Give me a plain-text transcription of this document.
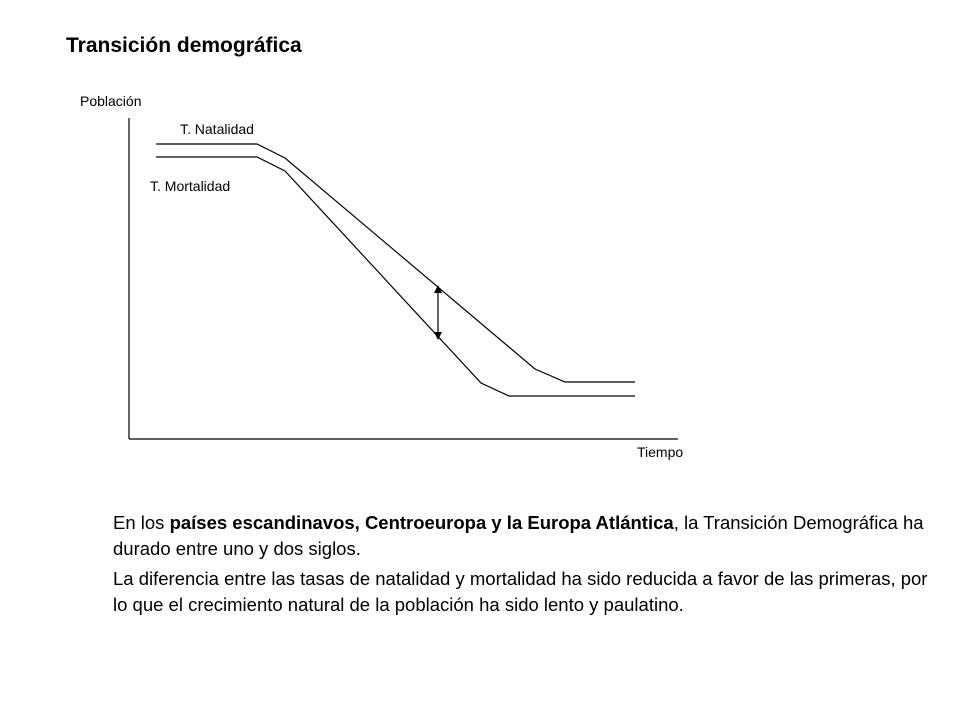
Transición demográfica
Población
Tiempo
T. Natalidad
T. Mortalidad

En los países escandinavos, Centroeuropa y la Europa Atlántica, la Transición Demográfica ha durado entre uno y dos siglos.

La diferencia entre las tasas de natalidad y mortalidad ha sido reducida a favor de las primeras, por lo que el crecimiento natural de la población ha sido lento y paulatino.
